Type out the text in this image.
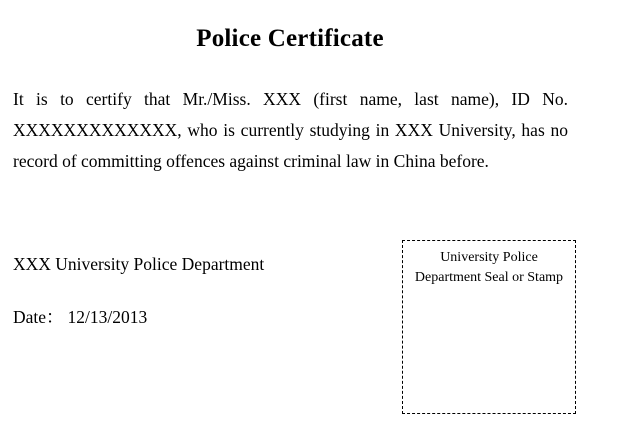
Police Certificate
It is to certify that Mr./Miss. XXX (first name, last name), ID No. XXXXXXXXXXXXX, who is currently studying in XXX University, has no record of committing offences against criminal law in China before.
XXX University Police Department
Date： 12/13/2013
University Police
Department Seal or Stamp
